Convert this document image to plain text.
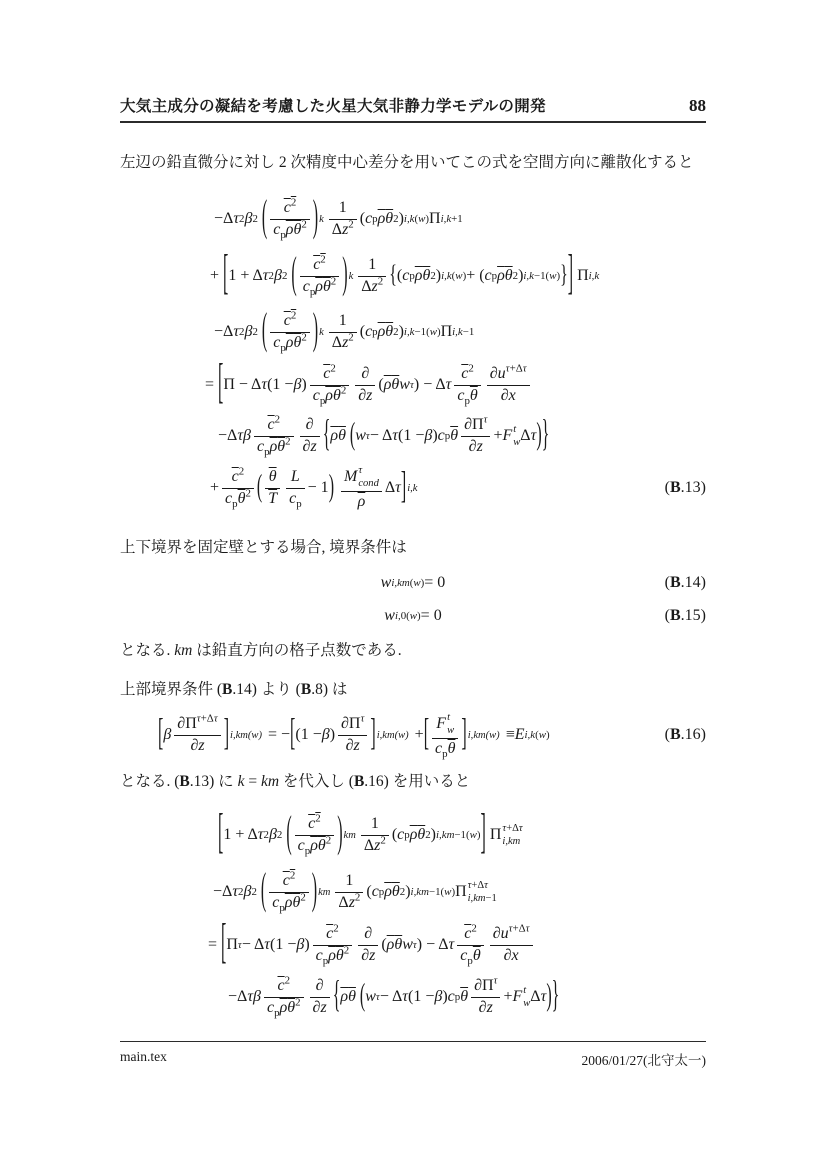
大気主成分の凝結を考慮した火星大気非静力学モデルの開発	88
左辺の鉛直微分に対し 2 次精度中心差分を用いてこの式を空間方向に離散化すると
−Δ τ 2 β 2
( $\frac{c^2}{c_p\overline{\rho}\overline{\theta}^2}$ ) k $\frac{1}{\Delta z^2}$ ( c p $\overline{\rho}$ $\overline{\theta}$ 2 ) i,k(w) Π i,k+1
+ [ 1 + Δ τ 2 β 2
( $\frac{c^2}{c_p\overline{\rho}\overline{\theta}^2}$ ) k $\frac{1}{\Delta z^2}$ { ( c p $\overline{\rho}$ $\overline{\theta}$ 2 ) i,k(w) + ( c p $\overline{\rho}$ $\overline{\theta}$ 2 ) i,k−1(w) } ] Π i,k
−Δ τ 2 β 2
( $\frac{c^2}{c_p\overline{\rho}\overline{\theta}^2}$ ) k $\frac{1}{\Delta z^2}$ ( c p $\overline{\rho}$ $\overline{\theta}$ 2 ) i,k−1(w) Π i,k−1
= [ Π − Δ τ (1 − β ) $\frac{\overline{c}^2}{c_p\overline{\rho}\overline{\theta}^2} \frac{\partial}{\partial z}$ ( $\overline{\rho}$ $\overline{\theta}$ w τ ) − Δ τ $\frac{\overline{c}^2}{c_p\overline{\theta}} \frac{\partial u^{\tau+\Delta\tau}}{\partial x}$
−Δ τβ $\frac{\overline{c}^2}{c_p\overline{\rho}\overline{\theta}^2} \frac{\partial}{\partial z}$ { $\overline{\rho}$ $\overline{\theta}$
( w τ − Δ τ (1 − β ) c p $\overline{\theta} \frac{\partial\Pi^\tau}{\partial z} + F$ t
w Δ τ ) }
+ $\frac{\overline{c}^2}{c_p\overline{\theta}^2}$ ( $\frac{\overline{\theta}}{T} \frac{L}{c_p} - 1$ )
M τ
cond
ρ Δ τ ] i,k	(B.13)
上下境界を固定壁とする場合, 境界条件は
w i,km(w) = 0	(B.14)
w i,0(w) = 0	(B.15)
となる. km は鉛直方向の格子点数である.
上部境界条件 (B.14) より (B.8) は
[ β $\frac{\partial\Pi^{\tau+\Delta\tau}}{\partial z}$ ] i,km(w) = − [ (1 − β ) $\frac{\partial\Pi^\tau}{\partial z}$ ] i,km(w) + [ F t
w
$c_p\overline{\theta}$ ] i,km(w) ≡ E i,k(w)	(B.16)
となる. (B.13) に k = km を代入し (B.16) を用いると
[ 1 + Δ τ 2 β 2
( $\frac{c^2}{c_p\overline{\rho}\overline{\theta}^2}$ ) km $\frac{1}{\Delta z^2}$ ( c p $\overline{\rho}$ $\overline{\theta}$ 2 ) i,km−1(w) ] Π τ+Δτ
i,km
−Δ τ 2 β 2
( $\frac{c^2}{c_p\overline{\rho}\overline{\theta}^2}$ ) km $\frac{1}{\Delta z^2}$ ( c p $\overline{\rho}$ $\overline{\theta}$ 2 ) i,km−1(w) Π τ+Δτ
i,km−1
= [ Π τ − Δ τ (1 − β ) $\frac{\overline{c}^2}{c_p\overline{\rho}\overline{\theta}^2} \frac{\partial}{\partial z}$ ( $\overline{\rho}$ $\overline{\theta}$ w τ ) − Δ τ $\frac{\overline{c}^2}{c_p\overline{\theta}} \frac{\partial u^{\tau+\Delta\tau}}{\partial x}$
−Δ τβ $\frac{\overline{c}^2}{c_p\overline{\rho}\overline{\theta}^2} \frac{\partial}{\partial z}$ { $\overline{\rho}$ $\overline{\theta}$
( w τ − Δ τ (1 − β ) c p $\overline{\theta} \frac{\partial\Pi^\tau}{\partial z} + F$ t
w Δ τ ) }
main.tex	2006/01/27(北守太一)
